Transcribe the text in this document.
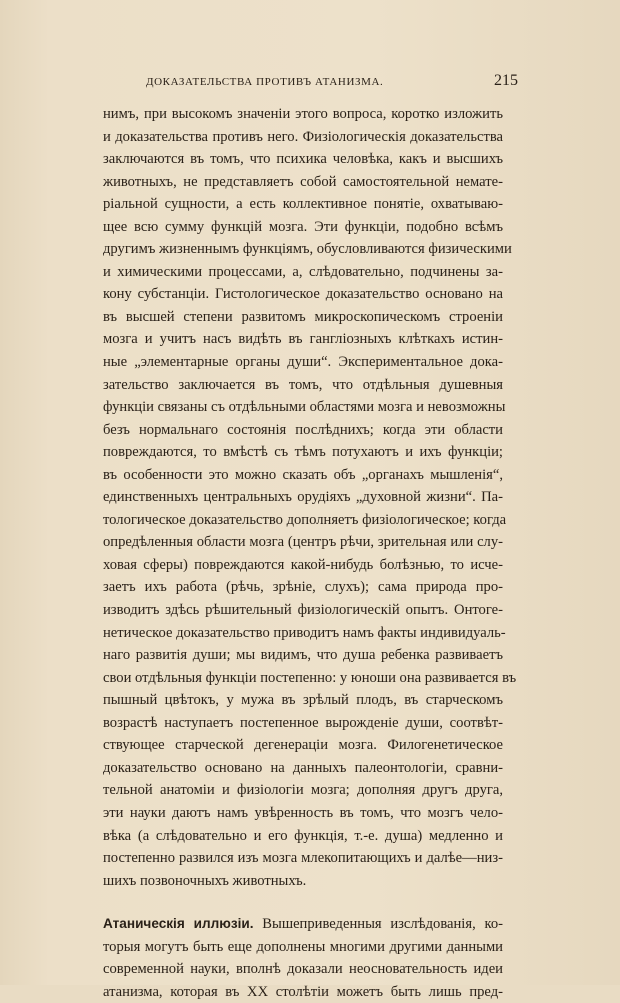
ДОКАЗАТЕЛЬСТВА ПРОТИВЪ АТАНИЗМА.	215
нимъ, при высокомъ значеніи этого вопроса, коротко изложить
и доказательства противъ него. Физіологическія доказательства
заключаются въ томъ, что психика человѣка, какъ и высшихъ
животныхъ, не представляетъ собой самостоятельной немате-
ріальной сущности, а есть коллективное понятіе, охватываю-
щее всю сумму функцій мозга. Эти функціи, подобно всѣмъ
другимъ жизненнымъ функціямъ, обусловливаются физическими
и химическими процессами, а, слѣдовательно, подчинены за-
кону субстанціи. Гистологическое доказательство основано на
въ высшей степени развитомъ микроскопическомъ строеніи
мозга и учитъ насъ видѣть въ гангліозныхъ клѣткахъ истин-
ные „элементарные органы души“. Экспериментальное дока-
зательство заключается въ томъ, что отдѣльныя душевныя
функціи связаны съ отдѣльными областями мозга и невозможны
безъ нормальнаго состоянія послѣднихъ; когда эти области
повреждаются, то вмѣстѣ съ тѣмъ потухаютъ и ихъ функціи;
въ особенности это можно сказать объ „органахъ мышленія“,
единственныхъ центральныхъ орудіяхъ „духовной жизни“. Па-
тологическое доказательство дополняетъ физіологическое; когда
опредѣленныя области мозга (центръ рѣчи, зрительная или слу-
ховая сферы) повреждаются какой-нибудь болѣзнью, то исче-
заетъ ихъ работа (рѣчь, зрѣніе, слухъ); сама природа про-
изводитъ здѣсь рѣшительный физіологическій опытъ. Онтоге-
нетическое доказательство приводитъ намъ факты индивидуаль-
наго развитія души; мы видимъ, что душа ребенка развиваетъ
свои отдѣльныя функціи постепенно: у юноши она развивается въ
пышный цвѣтокъ, у мужа въ зрѣлый плодъ, въ старческомъ
возрастѣ наступаетъ постепенное вырожденіе души, соотвѣт-
ствующее старческой дегенераціи мозга. Филогенетическое
доказательство основано на данныхъ палеонтологіи, сравни-
тельной анатоміи и физіологіи мозга; дополняя другъ друга,
эти науки даютъ намъ увѣренность въ томъ, что мозгъ чело-
вѣка (а слѣдовательно и его функція, т.-е. душа) медленно и
постепенно развился изъ мозга млекопитающихъ и далѣе—низ-
шихъ позвоночныхъ животныхъ.
Атаническія иллюзіи. Вышеприведенныя изслѣдованія, ко-
торыя могутъ быть еще дополнены многими другими данными
современной науки, вполнѣ доказали неосновательность идеи
атанизма, которая въ XX столѣтіи можетъ быть лишь пред-
